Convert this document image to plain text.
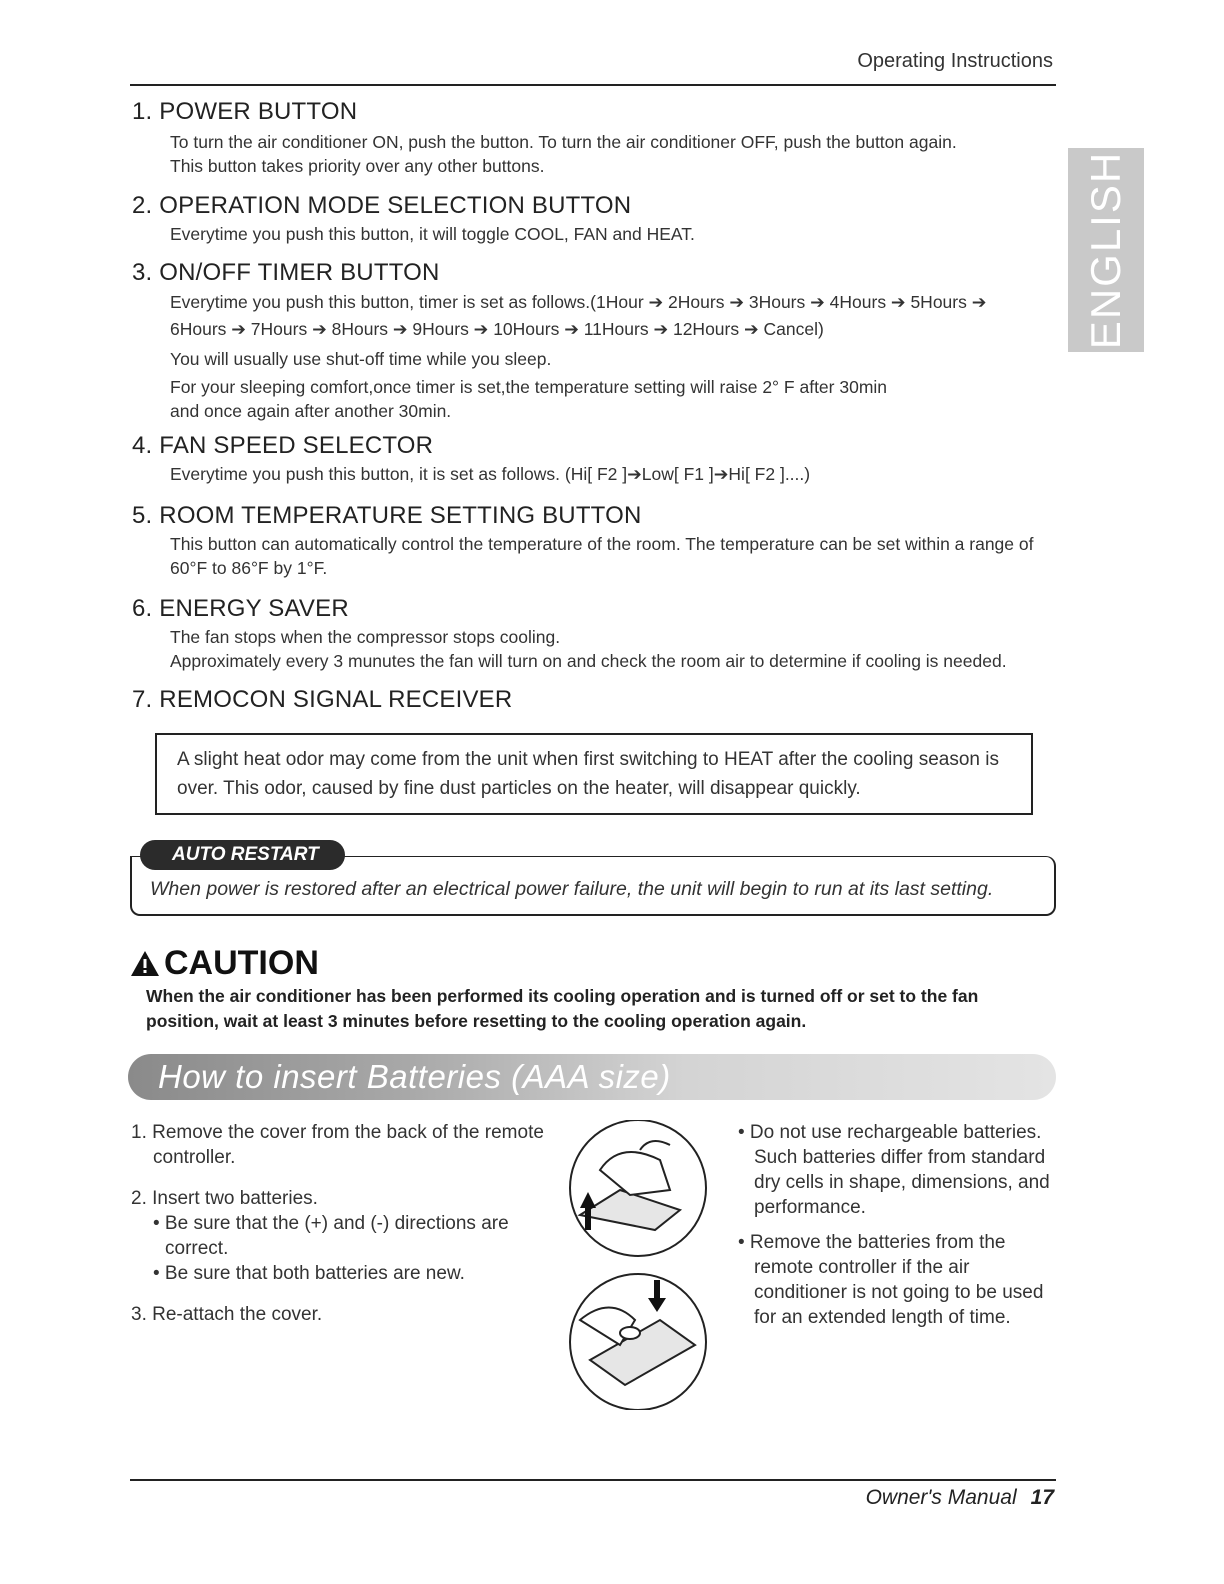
Operating Instructions
ENGLISH
1. POWER BUTTON

To turn the air conditioner ON, push the button. To turn the air conditioner OFF, push the button again.

This button takes priority over any other buttons.

2. OPERATION MODE SELECTION BUTTON

Everytime you push this button, it will toggle COOL, FAN and HEAT.

3. ON/OFF TIMER BUTTON

Everytime you push this button, timer is set as follows.(1Hour ➔ 2Hours ➔ 3Hours ➔ 4Hours ➔ 5Hours ➔ 6Hours ➔ 7Hours ➔ 8Hours ➔ 9Hours ➔ 10Hours ➔ 11Hours ➔ 12Hours ➔ Cancel)

You will usually use shut-off time while you sleep.

For your sleeping comfort,once timer is set,the temperature setting will raise 2° F after 30min and once again after another 30min.

4. FAN SPEED SELECTOR

Everytime you push this button, it is set as follows. (Hi[ F2 ]➔Low[ F1 ]➔Hi[ F2 ]....)

5. ROOM TEMPERATURE SETTING BUTTON

This button can automatically control the temperature of the room. The temperature can be set within a range of 60°F to 86°F by 1°F.

6. ENERGY SAVER

The fan stops when the compressor stops cooling.

Approximately every 3 munutes the fan will turn on and check the room air to determine if cooling is needed.

7. REMOCON SIGNAL RECEIVER
A slight heat odor may come from the unit when first switching to HEAT after the cooling season is over. This odor, caused by fine dust particles on the heater, will disappear quickly.
AUTO RESTART
When power is restored after an electrical power failure, the unit will begin to run at its last setting.
CAUTION
When the air conditioner has been performed its cooling operation and is turned off or set to the fan position, wait at least 3 minutes before resetting to the cooling operation again.
How to insert Batteries (AAA size)
1. Remove the cover from the back of the remote controller.
2. Insert two batteries.
• Be sure that the (+) and (-) directions are correct.
• Be sure that both batteries are new.
3. Re-attach the cover.
• Do not use rechargeable batteries. Such batteries differ from standard dry cells in shape, dimensions, and performance.
• Remove the batteries from the remote controller if the air conditioner is not going to be used for an extended length of time.
Owner's Manual 17
